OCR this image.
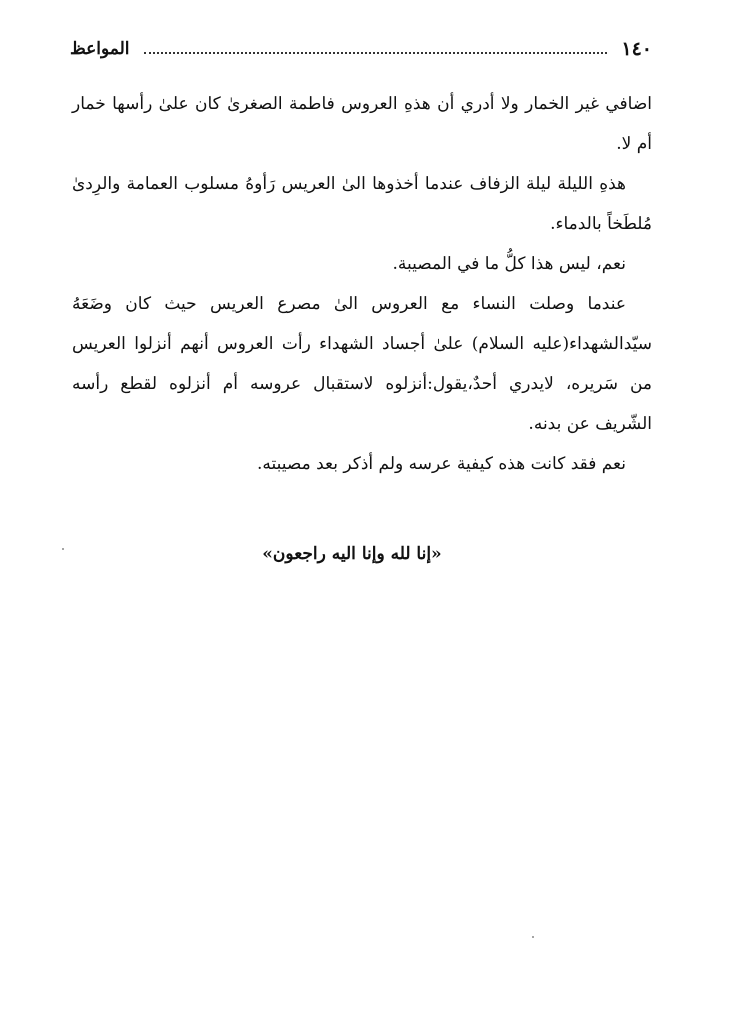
١٤٠
المواعظ

اضافي غير الخمار ولا أدري أن هذهِ العروس فاطمة الصغرىٰ كان علىٰ رأسها خمار أم لا.

هذهِ الليلة ليلة الزفاف عندما أخذوها الىٰ العريس رَأوهُ مسلوب العمامة والرِدىٰ مُلطَخاً بالدماء.

نعم، ليس هذا كلُّ ما في المصيبة.

عندما وصلت النساء مع العروس الىٰ مصرع العريس حيث كان وضَعَهُ سيّدالشهداء(عليه السلام) علىٰ أجساد الشهداء رأت العروس أنهم أنزلوا العريس من سَريره، لايدري أحدٌ،يقول:أنزلوه لاستقبال عروسه أم أنزلوه لقطع رأسه الشّريف عن بدنه.

نعم فقد كانت هذه كيفية عرسه ولم أذكر بعد مصيبته.

«إنا لله وإنا اليه راجعون»
